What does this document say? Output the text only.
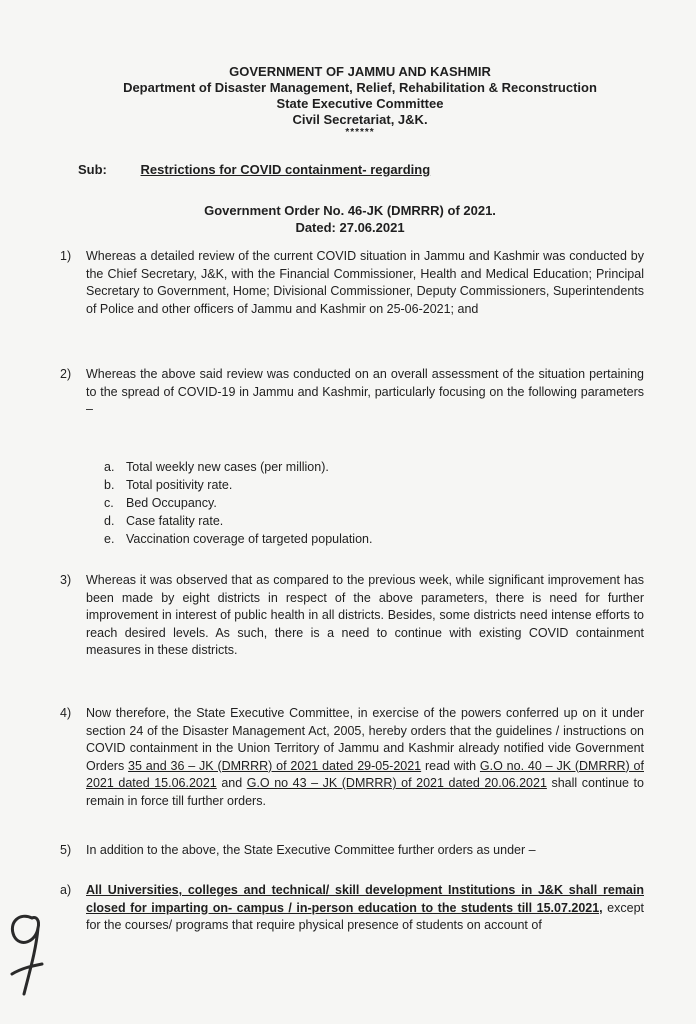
GOVERNMENT OF JAMMU AND KASHMIR
Department of Disaster Management, Relief, Rehabilitation & Reconstruction
State Executive Committee
Civil Secretariat, J&K.
******
Sub:	Restrictions for COVID containment- regarding
Government Order No. 46-JK (DMRRR) of 2021.
Dated: 27.06.2021
1) Whereas a detailed review of the current COVID situation in Jammu and Kashmir was conducted by the Chief Secretary, J&K, with the Financial Commissioner, Health and Medical Education; Principal Secretary to Government, Home; Divisional Commissioner, Deputy Commissioners, Superintendents of Police and other officers of Jammu and Kashmir on 25-06-2021; and
2) Whereas the above said review was conducted on an overall assessment of the situation pertaining to the spread of COVID-19 in Jammu and Kashmir, particularly focusing on the following parameters –
a. Total weekly new cases (per million).
b. Total positivity rate.
c. Bed Occupancy.
d. Case fatality rate.
e. Vaccination coverage of targeted population.
3) Whereas it was observed that as compared to the previous week, while significant improvement has been made by eight districts in respect of the above parameters, there is need for further improvement in interest of public health in all districts. Besides, some districts need intense efforts to reach desired levels. As such, there is a need to continue with existing COVID containment measures in these districts.
4) Now therefore, the State Executive Committee, in exercise of the powers conferred up on it under section 24 of the Disaster Management Act, 2005, hereby orders that the guidelines / instructions on COVID containment in the Union Territory of Jammu and Kashmir already notified vide Government Orders 35 and 36 – JK (DMRRR) of 2021 dated 29-05-2021 read with G.O no. 40 – JK (DMRRR) of 2021 dated 15.06.2021 and G.O no 43 – JK (DMRRR) of 2021 dated 20.06.2021 shall continue to remain in force till further orders.
5) In addition to the above, the State Executive Committee further orders as under –
a) All Universities, colleges and technical/ skill development Institutions in J&K shall remain closed for imparting on- campus / in-person education to the students till 15.07.2021, except for the courses/ programs that require physical presence of students on account of
